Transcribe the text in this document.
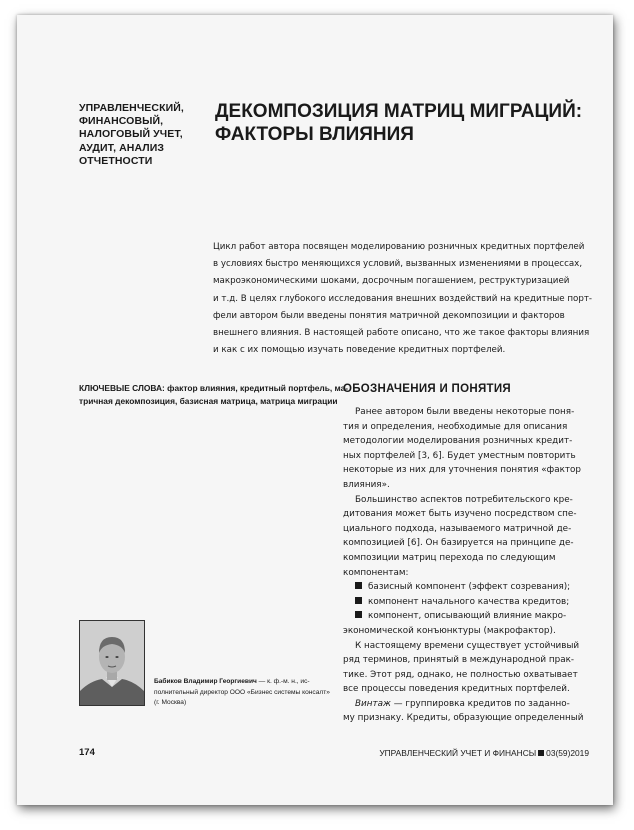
УПРАВЛЕНЧЕСКИЙ,
ФИНАНСОВЫЙ,
НАЛОГОВЫЙ УЧЕТ,
АУДИТ, АНАЛИЗ
ОТЧЕТНОСТИ
ДЕКОМПОЗИЦИЯ МАТРИЦ МИГРАЦИЙ:
ФАКТОРЫ ВЛИЯНИЯ
Цикл работ автора посвящен моделированию розничных кредитных портфелей
в условиях быстро меняющихся условий, вызванных изменениями в процессах,
макроэкономическими шоками, досрочным погашением, реструктуризацией
и т.д. В целях глубокого исследования внешних воздействий на кредитные порт-
фели автором были введены понятия матричной декомпозиции и факторов
внешнего влияния. В настоящей работе описано, что же такое факторы влияния
и как с их помощью изучать поведение кредитных портфелей.
КЛЮЧЕВЫЕ СЛОВА: фактор влияния, кредитный портфель, ма-
тричная декомпозиция, базисная матрица, матрица миграции
ОБОЗНАЧЕНИЯ И ПОНЯТИЯ
Ранее автором были введены некоторые поня-
тия и определения, необходимые для описания
методологии моделирования розничных кредит-
ных портфелей [3, 6]. Будет уместным повторить
некоторые из них для уточнения понятия «фактор
влияния».
Большинство аспектов потребительского кре-
дитования может быть изучено посредством спе-
циального подхода, называемого матричной де-
композицией [6]. Он базируется на принципе де-
композиции матриц перехода по следующим
компонентам:
базисный компонент (эффект созревания);
компонент начального качества кредитов;
компонент, описывающий влияние макро-
экономической конъюнктуры (макрофактор).
К настоящему времени существует устойчивый
ряд терминов, принятый в международной прак-
тике. Этот ряд, однако, не полностью охватывает
все процессы поведения кредитных портфелей.
Винтаж — группировка кредитов по заданно-
му признаку. Кредиты, образующие определенный
Бабиков Владимир Георгиевич — к. ф.-м. н., ис-
полнительный директор ООО «Бизнес системы консалт»
(г. Москва)
174	УПРАВЛЕНЧЕСКИЙ УЧЕТ И ФИНАНСЫ 03(59)2019
